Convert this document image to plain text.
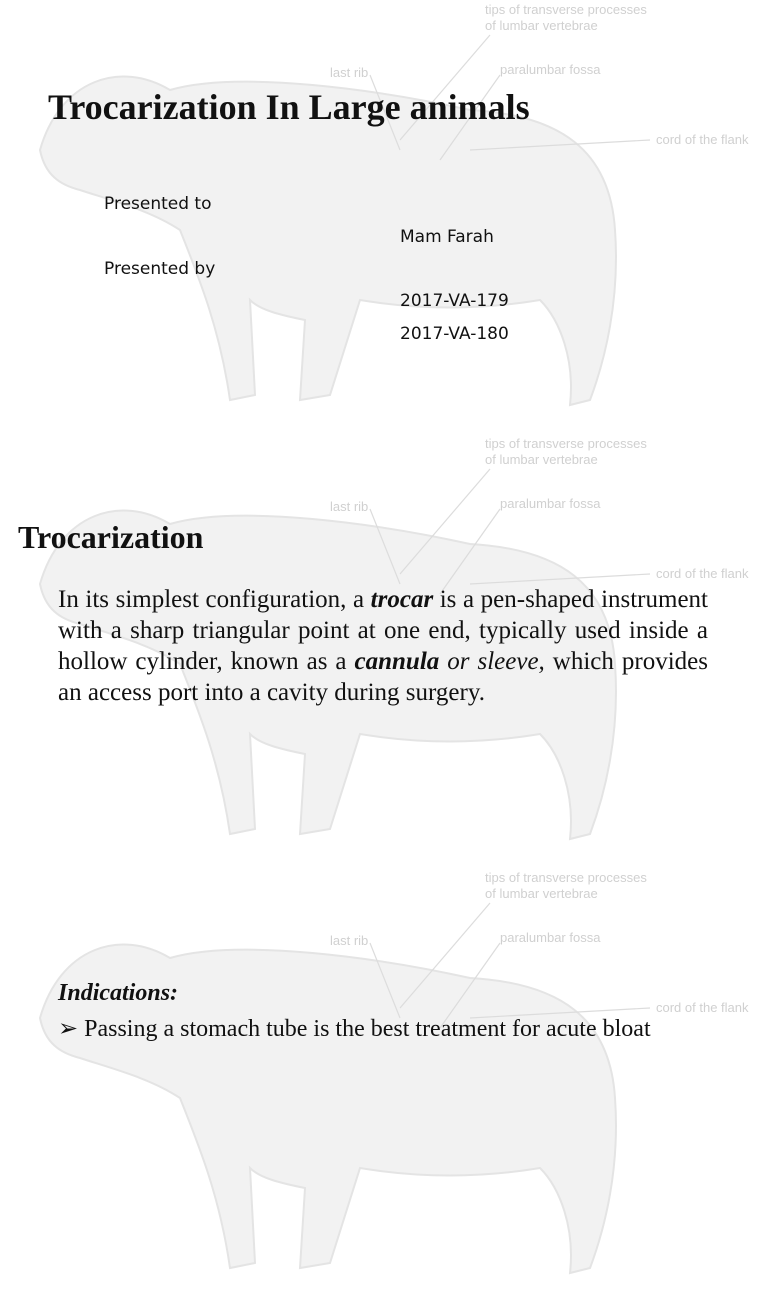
tips of transverse processes
of lumbar vertebrae
last rib	paralumbar fossa
cord of the flank
Trocarization In Large animals
Presented to
Mam Farah
Presented by
2017-VA-179
2017-VA-180
tips of transverse processes
of lumbar vertebrae
last rib	paralumbar fossa
cord of the flank
Trocarization

In its simplest configuration, a trocar is a pen-shaped instrument with a sharp triangular point at one end, typically used inside a hollow cylinder, known as a cannula or sleeve, which provides an access port into a cavity during surgery.

tips of transverse processes
of lumbar vertebrae
last rib	paralumbar fossa
cord of the flank
Indications:

➢ Passing a stomach tube is the best treatment for acute bloat
